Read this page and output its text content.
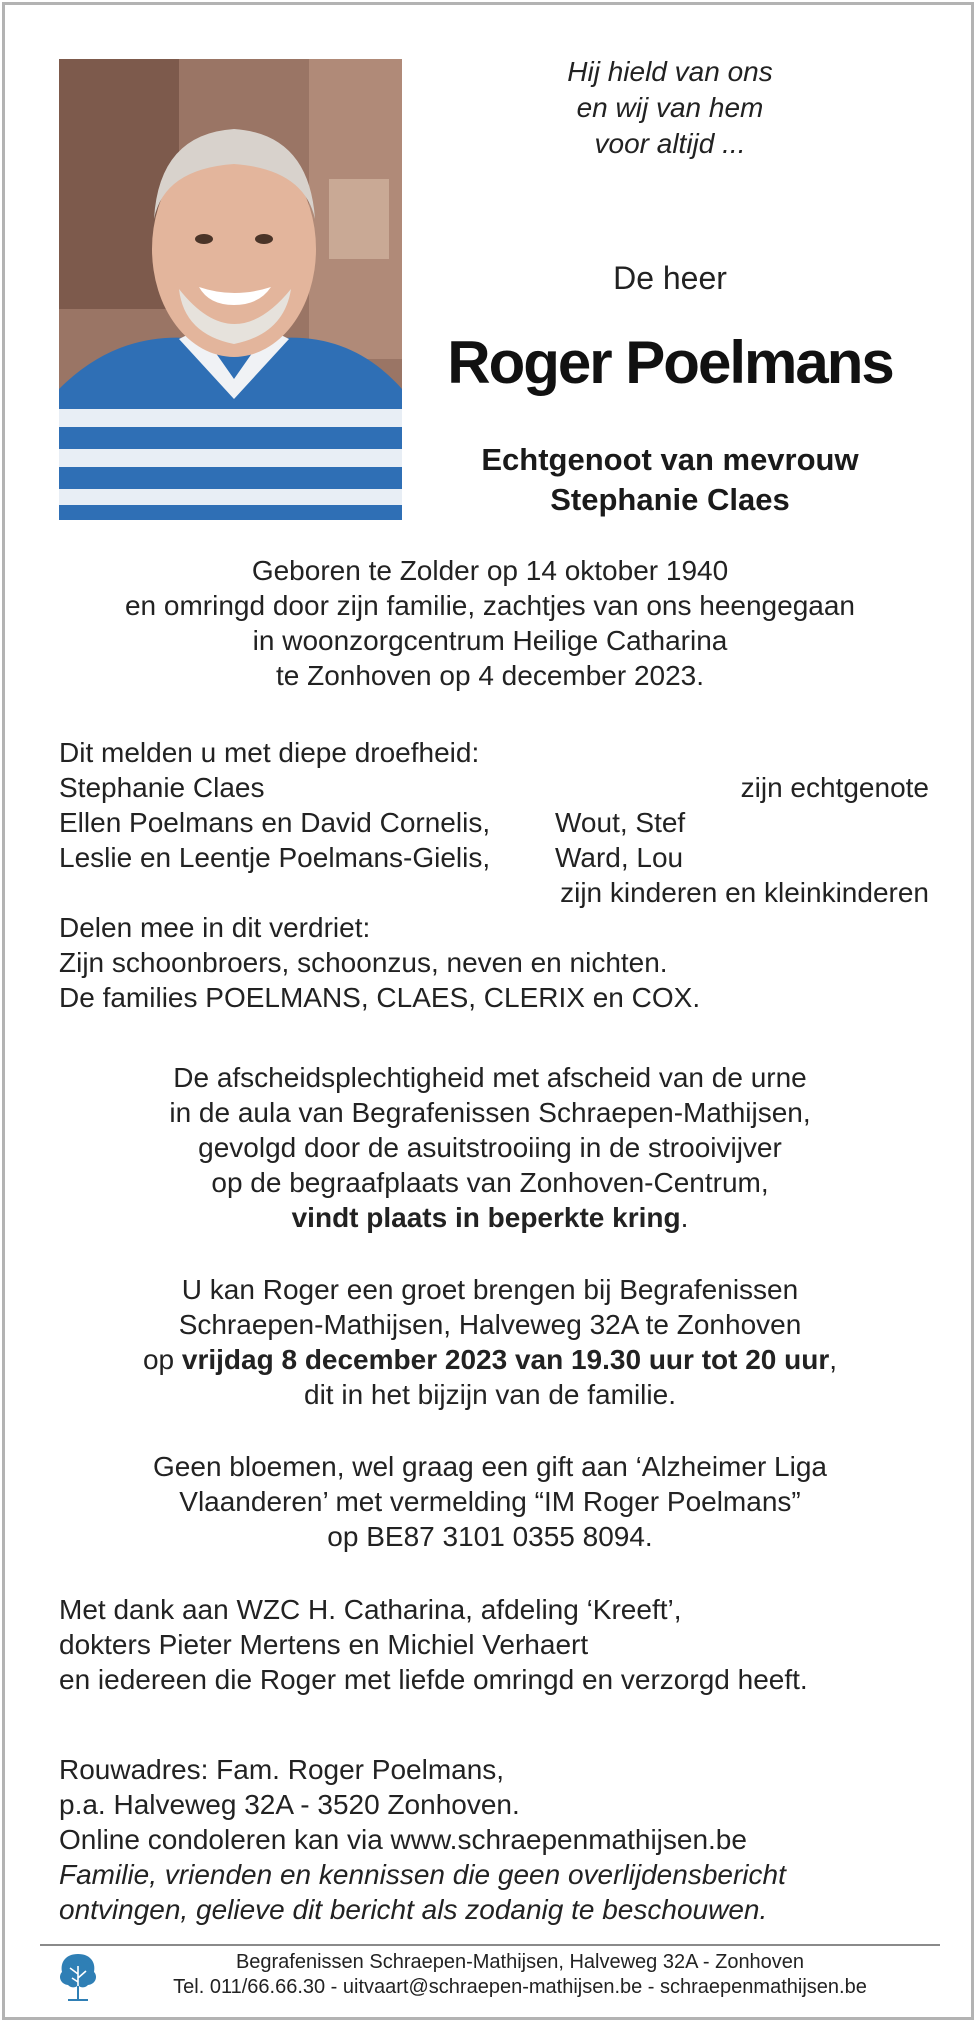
Hij hield van ons
en wij van hem
voor altijd ...
De heer
Roger Poelmans
Echtgenoot van mevrouw
Stephanie Claes
Geboren te Zolder op 14 oktober 1940
en omringd door zijn familie, zachtjes van ons heengegaan
in woonzorgcentrum Heilige Catharina
te Zonhoven op 4 december 2023.
Dit melden u met diepe droefheid:
Stephanie Claes	zijn echtgenote
Ellen Poelmans en David Cornelis, Wout, Stef
Leslie en Leentje Poelmans-Gielis, Ward, Lou
zijn kinderen en kleinkinderen
Delen mee in dit verdriet:
Zijn schoonbroers, schoonzus, neven en nichten.
De families POELMANS, CLAES, CLERIX en COX.
De afscheidsplechtigheid met afscheid van de urne
in de aula van Begrafenissen Schraepen-Mathijsen,
gevolgd door de asuitstrooiing in de strooivijver
op de begraafplaats van Zonhoven-Centrum,
vindt plaats in beperkte kring.
U kan Roger een groet brengen bij Begrafenissen
Schraepen-Mathijsen, Halveweg 32A te Zonhoven
op vrijdag 8 december 2023 van 19.30 uur tot 20 uur,
dit in het bijzijn van de familie.
Geen bloemen, wel graag een gift aan ‘Alzheimer Liga
Vlaanderen’ met vermelding “IM Roger Poelmans”
op BE87 3101 0355 8094.
Met dank aan WZC H. Catharina, afdeling ‘Kreeft’,
dokters Pieter Mertens en Michiel Verhaert
en iedereen die Roger met liefde omringd en verzorgd heeft.
Rouwadres: Fam. Roger Poelmans,
p.a. Halveweg 32A - 3520 Zonhoven.
Online condoleren kan via www.schraepenmathijsen.be
Familie, vrienden en kennissen die geen overlijdensbericht
ontvingen, gelieve dit bericht als zodanig te beschouwen.
Begrafenissen Schraepen-Mathijsen, Halveweg 32A - Zonhoven
Tel. 011/66.66.30 - uitvaart@schraepen-mathijsen.be - schraepenmathijsen.be
